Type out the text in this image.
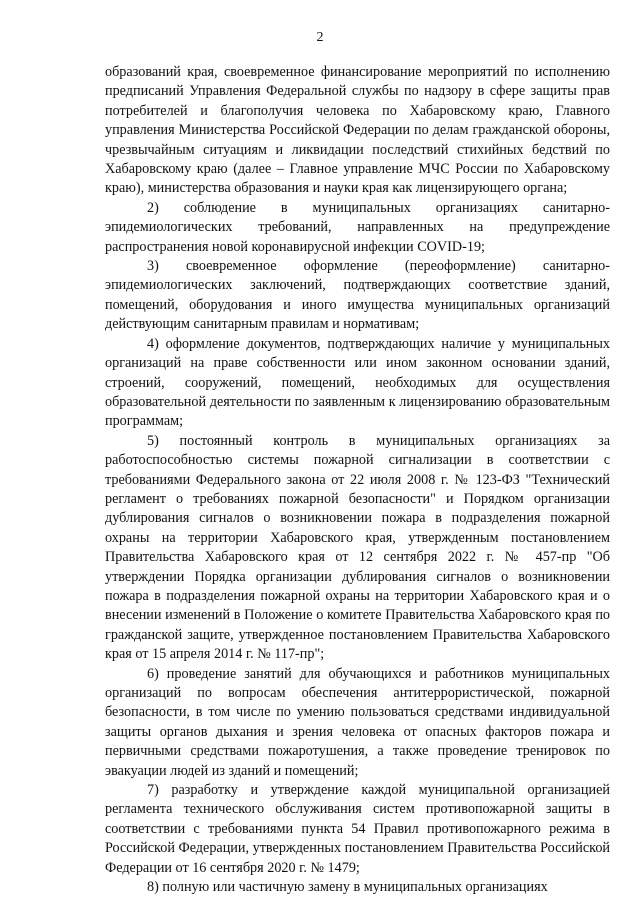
2

образований края, своевременное финансирование мероприятий по исполнению предписаний Управления Федеральной службы по надзору в сфере защиты прав потребителей и благополучия человека по Хабаровскому краю, Главного управления Министерства Российской Федерации по делам гражданской обороны, чрезвычайным ситуациям и ликвидации последствий стихийных бедствий по Хабаровскому краю (далее – Главное управление МЧС России по Хабаровскому краю), министерства образования и науки края как лицензирующего органа;

2) соблюдение в муниципальных организациях санитарно-эпидемиологических требований, направленных на предупреждение распространения новой коронавирусной инфекции COVID-19;

3) своевременное оформление (переоформление) санитарно-эпидемиологических заключений, подтверждающих соответствие зданий, помещений, оборудования и иного имущества муниципальных организаций действующим санитарным правилам и нормативам;

4) оформление документов, подтверждающих наличие у муниципальных организаций на праве собственности или ином законном основании зданий, строений, сооружений, помещений, необходимых для осуществления образовательной деятельности по заявленным к лицензированию образовательным программам;

5) постоянный контроль в муниципальных организациях за работоспособностью системы пожарной сигнализации в соответствии с требованиями Федерального закона от 22 июля 2008 г. № 123-ФЗ "Технический регламент о требованиях пожарной безопасности" и Порядком организации дублирования сигналов о возникновении пожара в подразделения пожарной охраны на территории Хабаровского края, утвержденным постановлением Правительства Хабаровского края от 12 сентября 2022 г. № 457-пр "Об утверждении Порядка организации дублирования сигналов о возникновении пожара в подразделения пожарной охраны на территории Хабаровского края и о внесении изменений в Положение о комитете Правительства Хабаровского края по гражданской защите, утвержденное постановлением Правительства Хабаровского края от 15 апреля 2014 г. № 117-пр";

6) проведение занятий для обучающихся и работников муниципальных организаций по вопросам обеспечения антитеррористической, пожарной безопасности, в том числе по умению пользоваться средствами индивидуальной защиты органов дыхания и зрения человека от опасных факторов пожара и первичными средствами пожаротушения, а также проведение тренировок по эвакуации людей из зданий и помещений;

7) разработку и утверждение каждой муниципальной организацией регламента технического обслуживания систем противопожарной защиты в соответствии с требованиями пункта 54 Правил противопожарного режима в Российской Федерации, утвержденных постановлением Правительства Российской Федерации от 16 сентября 2020 г. № 1479;

8) полную или частичную замену в муниципальных организациях
